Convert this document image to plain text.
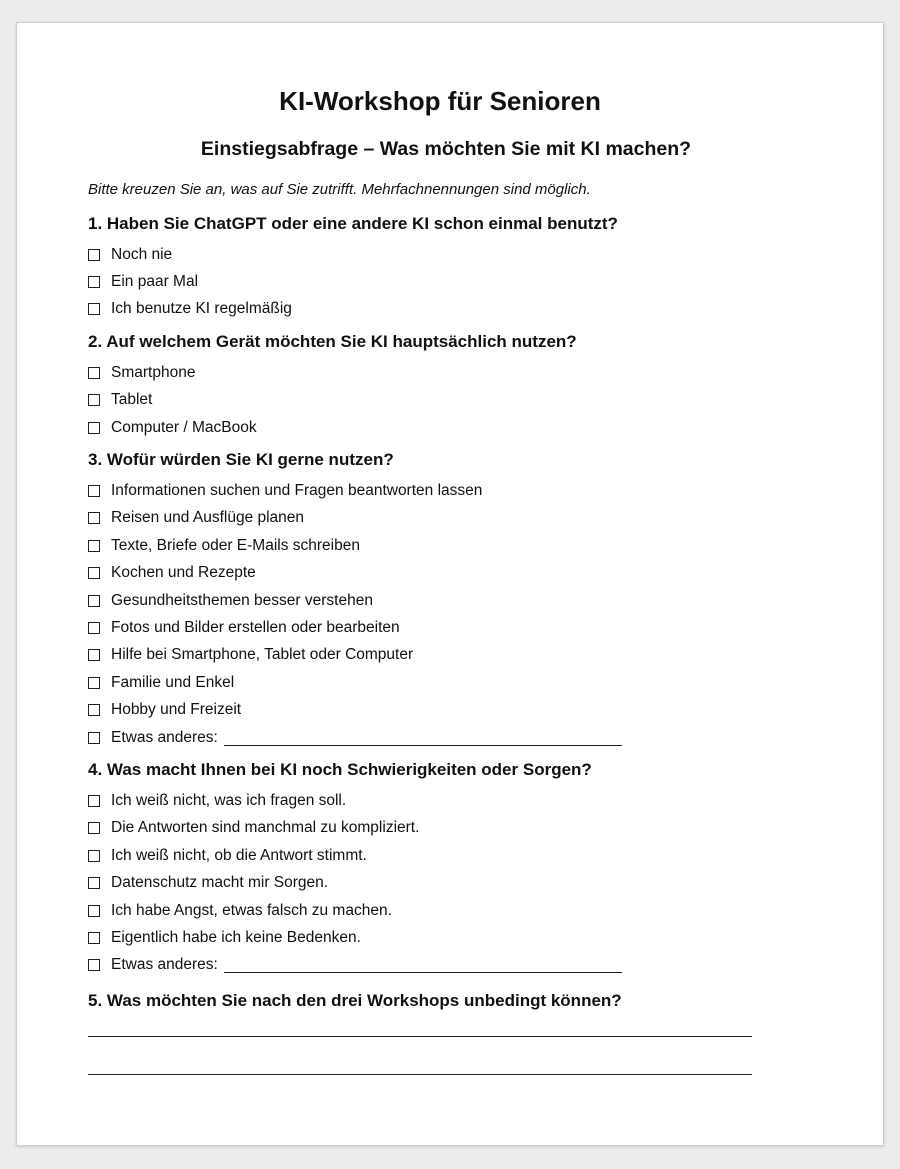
KI-Workshop für Senioren
Einstiegsabfrage – Was möchten Sie mit KI machen?

Bitte kreuzen Sie an, was auf Sie zutrifft. Mehrfachnennungen sind möglich.

1. Haben Sie ChatGPT oder eine andere KI schon einmal benutzt?
Noch nie
Ein paar Mal
Ich benutze KI regelmäßig
2. Auf welchem Gerät möchten Sie KI hauptsächlich nutzen?
Smartphone
Tablet
Computer / MacBook
3. Wofür würden Sie KI gerne nutzen?
Informationen suchen und Fragen beantworten lassen
Reisen und Ausflüge planen
Texte, Briefe oder E-Mails schreiben
Kochen und Rezepte
Gesundheitsthemen besser verstehen
Fotos und Bilder erstellen oder bearbeiten
Hilfe bei Smartphone, Tablet oder Computer
Familie und Enkel
Hobby und Freizeit
Etwas anderes:
4. Was macht Ihnen bei KI noch Schwierigkeiten oder Sorgen?
Ich weiß nicht, was ich fragen soll.
Die Antworten sind manchmal zu kompliziert.
Ich weiß nicht, ob die Antwort stimmt.
Datenschutz macht mir Sorgen.
Ich habe Angst, etwas falsch zu machen.
Eigentlich habe ich keine Bedenken.
Etwas anderes:
5. Was möchten Sie nach den drei Workshops unbedingt können?
